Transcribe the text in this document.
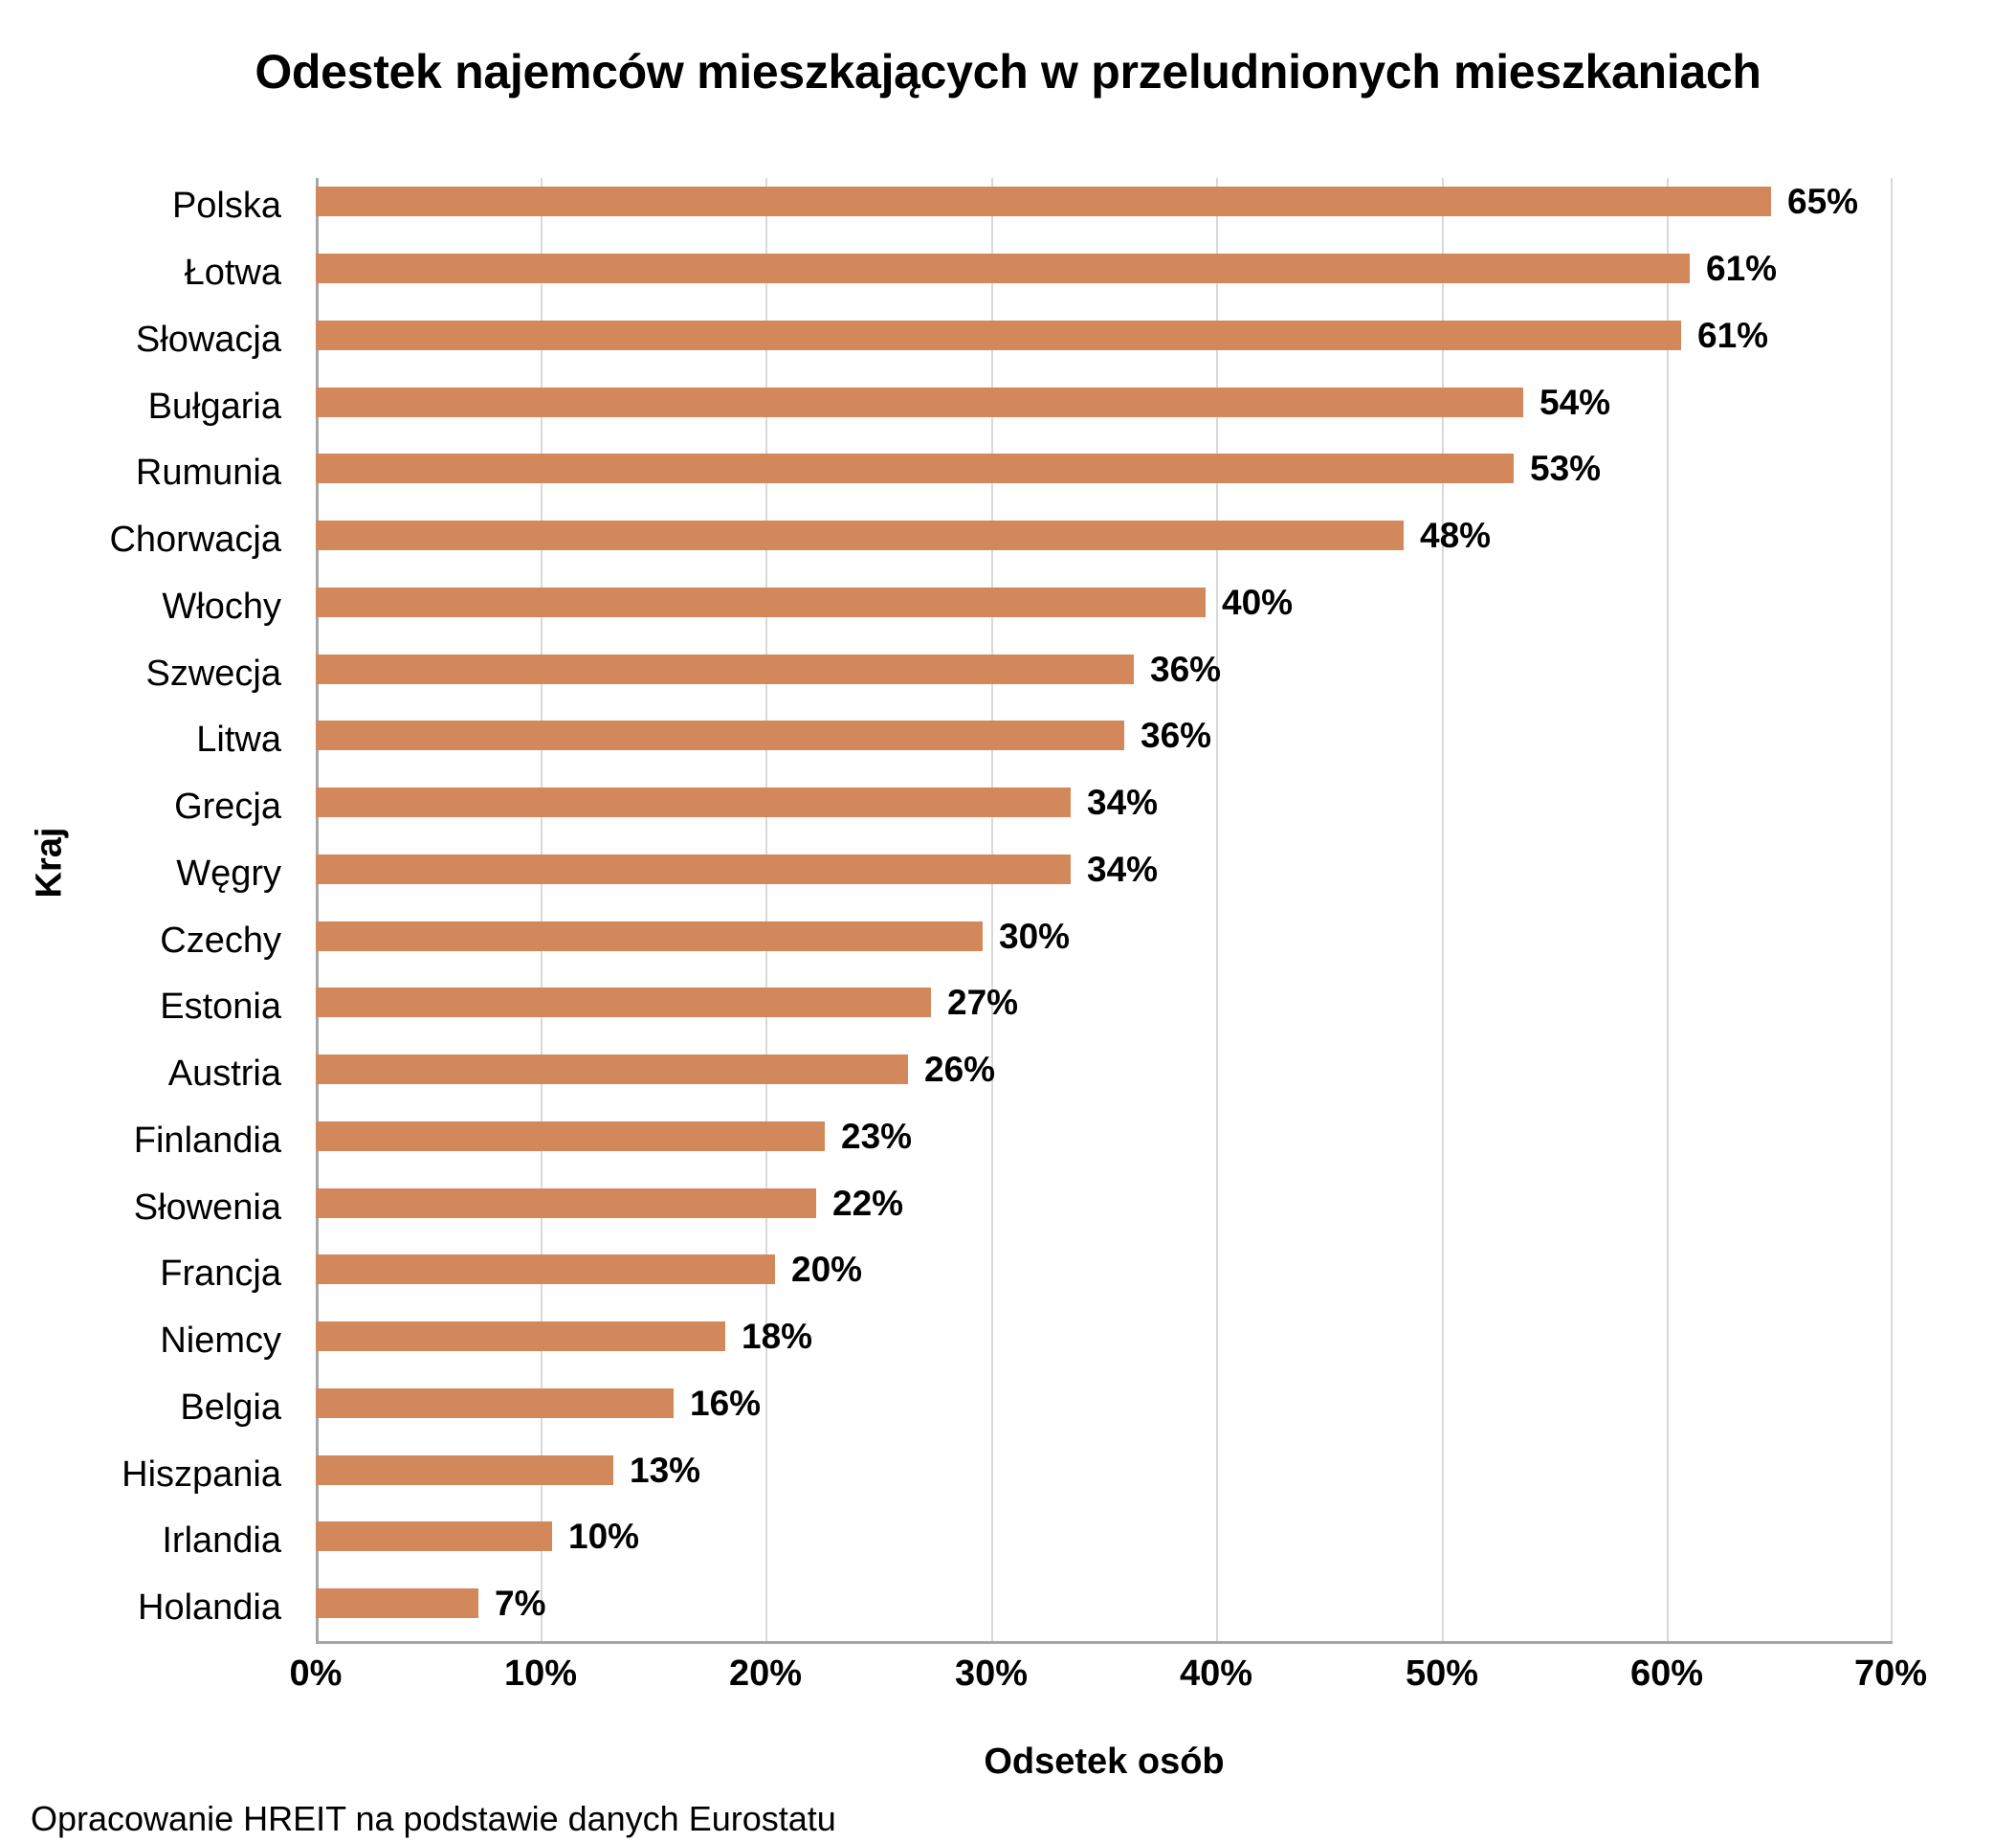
Odestek najemców mieszkających w przeludnionych mieszkaniach
Polska
Łotwa
Słowacja
Bułgaria
Rumunia
Chorwacja
Włochy
Szwecja
Litwa
Grecja
Węgry
Czechy
Estonia
Austria
Finlandia
Słowenia
Francja
Niemcy
Belgia
Hiszpania
Irlandia
Holandia
65%
61%
61%
54%
53%
48%
40%
36%
36%
34%
34%
30%
27%
26%
23%
22%
20%
18%
16%
13%
10%
7%
0%	10%	20%	30%	40%	50%	60%	70%
Odsetek osób
Kraj
Opracowanie HREIT na podstawie danych Eurostatu
